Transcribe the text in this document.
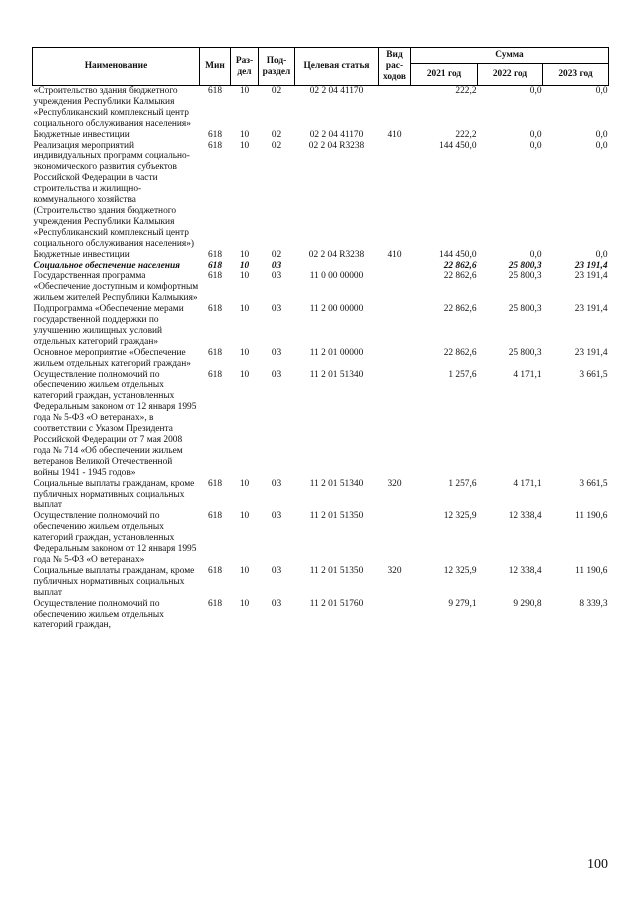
Наименование	Мин	Раз-дел	Под-раздел	Целевая статья	Вид рас-ходов	Сумма		
						2021 год	2022 год	2023 год
«Строительство здания бюджетного учреждения Республики Калмыкия «Республиканский комплексный центр социального обслуживания населения»	618	10	02	02 2 04 41170		222,2	0,0	0,0
Бюджетные инвестиции	618	10	02	02 2 04 41170	410	222,2	0,0	0,0
Реализация мероприятий индивидуальных программ социально-экономического развития субъектов Российской Федерации в части строительства и жилищно-коммунального хозяйства (Строительство здания бюджетного учреждения Республики Калмыкия «Республиканский комплексный центр социального обслуживания населения»)	618	10	02	02 2 04 R3238		144 450,0	0,0	0,0
Бюджетные инвестиции	618	10	02	02 2 04 R3238	410	144 450,0	0,0	0,0
Социальное обеспечение населения	618	10	03			22 862,6	25 800,3	23 191,4
Государственная программа «Обеспечение доступным и комфортным жильем жителей Республики Калмыкия»	618	10	03	11 0 00 00000		22 862,6	25 800,3	23 191,4
Подпрограмма «Обеспечение мерами государственной поддержки по улучшению жилищных условий отдельных категорий граждан»	618	10	03	11 2 00 00000		22 862,6	25 800,3	23 191,4
Основное мероприятие «Обеспечение жильем отдельных категорий граждан»	618	10	03	11 2 01 00000		22 862,6	25 800,3	23 191,4
Осуществление полномочий по обеспечению жильем отдельных категорий граждан, установленных Федеральным законом от 12 января 1995 года № 5-ФЗ «О ветеранах», в соответствии с Указом Президента Российской Федерации от 7 мая 2008 года № 714 «Об обеспечении жильем ветеранов Великой Отечественной войны 1941 - 1945 годов»	618	10	03	11 2 01 51340		1 257,6	4 171,1	3 661,5
Социальные выплаты гражданам, кроме публичных нормативных социальных выплат	618	10	03	11 2 01 51340	320	1 257,6	4 171,1	3 661,5
Осуществление полномочий по обеспечению жильем отдельных категорий граждан, установленных Федеральным законом от 12 января 1995 года № 5-ФЗ «О ветеранах»	618	10	03	11 2 01 51350		12 325,9	12 338,4	11 190,6
Социальные выплаты гражданам, кроме публичных нормативных социальных выплат	618	10	03	11 2 01 51350	320	12 325,9	12 338,4	11 190,6
Осуществление полномочий по обеспечению жильем отдельных категорий граждан,	618	10	03	11 2 01 51760		9 279,1	9 290,8	8 339,3
100
